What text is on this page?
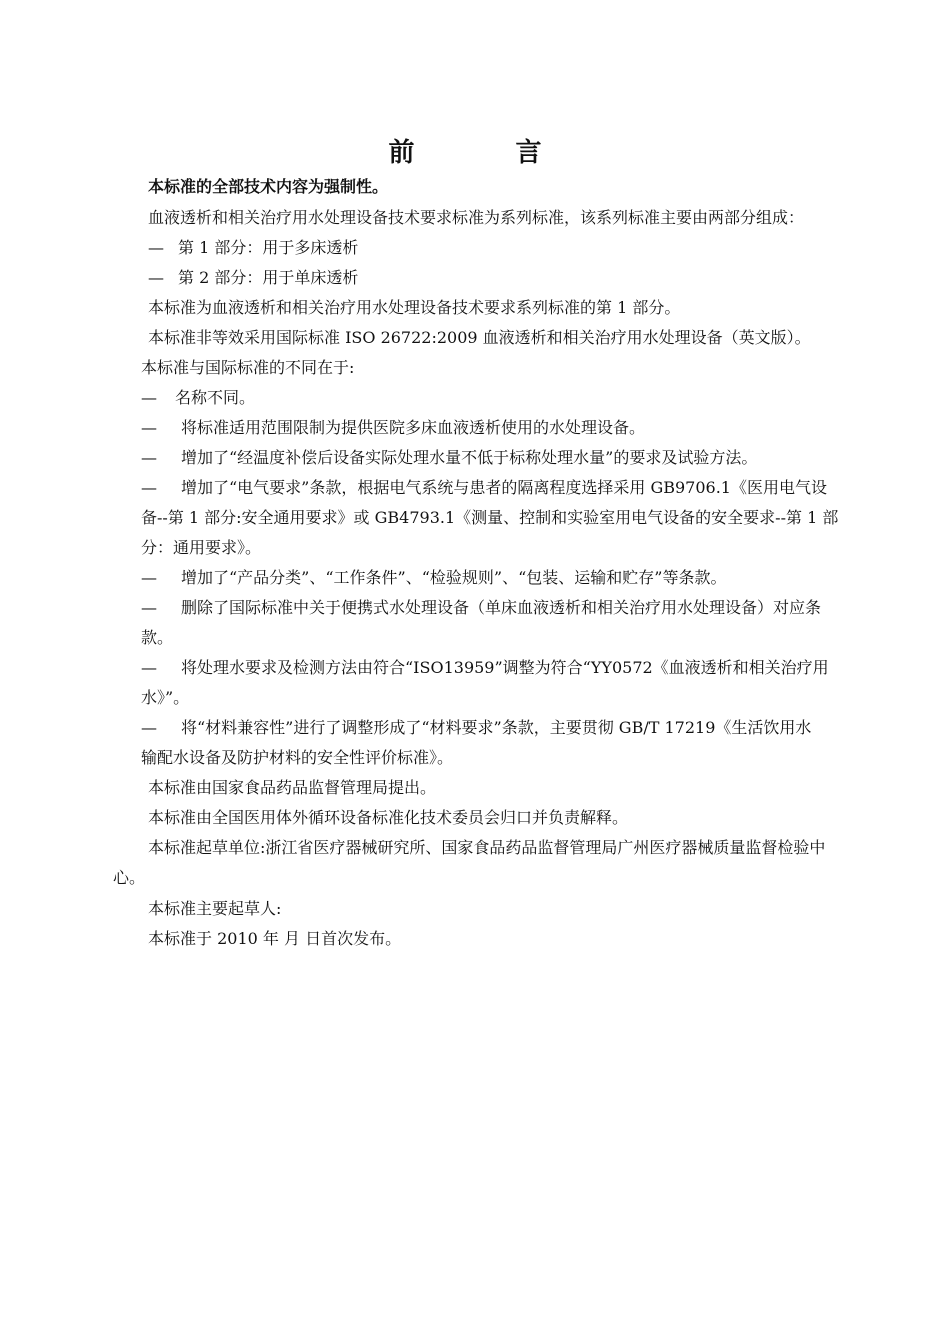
前 言
本标准的全部技术内容为强制性。
血液透析和相关治疗用水处理设备技术要求标准为系列标准，该系列标准主要由两部分组成：
— 第 1 部分：用于多床透析
— 第 2 部分：用于单床透析
本标准为血液透析和相关治疗用水处理设备技术要求系列标准的第 1 部分。
本标准非等效采用国际标准 ISO 26722:2009 血液透析和相关治疗用水处理设备（英文版）。
本标准与国际标准的不同在于:
— 名称不同。
— 将标准适用范围限制为提供医院多床血液透析使用的水处理设备。
— 增加了“经温度补偿后设备实际处理水量不低于标称处理水量”的要求及试验方法。
— 增加了“电气要求”条款，根据电气系统与患者的隔离程度选择采用 GB9706.1《医用电气设
备--第 1 部分:安全通用要求》或 GB4793.1《测量、控制和实验室用电气设备的安全要求--第 1 部
分：通用要求》。
— 增加了“产品分类”、“工作条件”、“检验规则”、“包装、运输和贮存”等条款。
— 删除了国际标准中关于便携式水处理设备（单床血液透析和相关治疗用水处理设备）对应条
款。
— 将处理水要求及检测方法由符合“ISO13959”调整为符合“YY0572《血液透析和相关治疗用
水》”。
— 将“材料兼容性”进行了调整形成了“材料要求”条款，主要贯彻 GB/T 17219《生活饮用水
输配水设备及防护材料的安全性评价标准》。
本标准由国家食品药品监督管理局提出。
本标准由全国医用体外循环设备标准化技术委员会归口并负责解释。
本标准起草单位:浙江省医疗器械研究所、国家食品药品监督管理局广州医疗器械质量监督检验中
心。
本标准主要起草人:
本标准于 2010 年 月 日首次发布。
